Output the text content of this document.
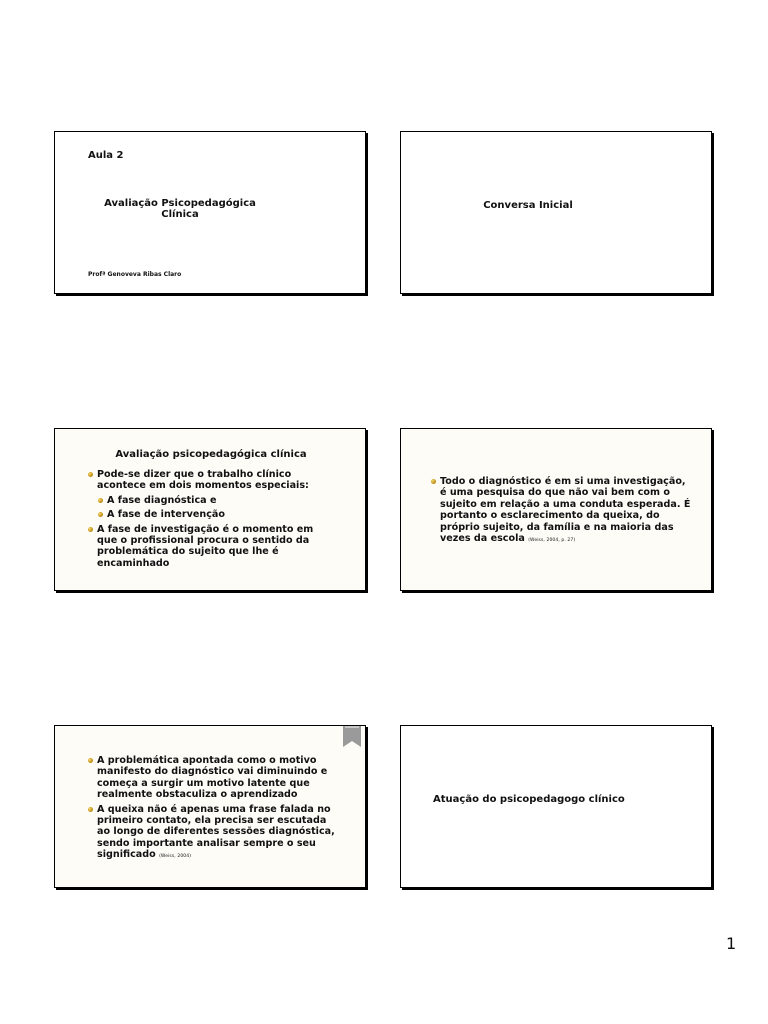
Aula 2
Avaliação Psicopedagógica
Clínica
Profª Genoveva Ribas Claro
Conversa Inicial
Avaliação psicopedagógica clínica
Pode-se dizer que o trabalho clínico acontece em dois momentos especiais:
A fase diagnóstica e
A fase de intervenção
A fase de investigação é o momento em que o profissional procura o sentido da problemática do sujeito que lhe é encaminhado
Todo o diagnóstico é em si uma investigação, é uma pesquisa do que não vai bem com o sujeito em relação a uma conduta esperada. É portanto o esclarecimento da queixa, do próprio sujeito, da família e na maioria das vezes da escola (Weiss, 2004, p. 27)
A problemática apontada como o motivo manifesto do diagnóstico vai diminuindo e começa a surgir um motivo latente que realmente obstaculiza o aprendizado
A queixa não é apenas uma frase falada no primeiro contato, ela precisa ser escutada ao longo de diferentes sessões diagnóstica, sendo importante analisar sempre o seu significado (Weiss, 2004)
Atuação do psicopedagogo clínico
1
